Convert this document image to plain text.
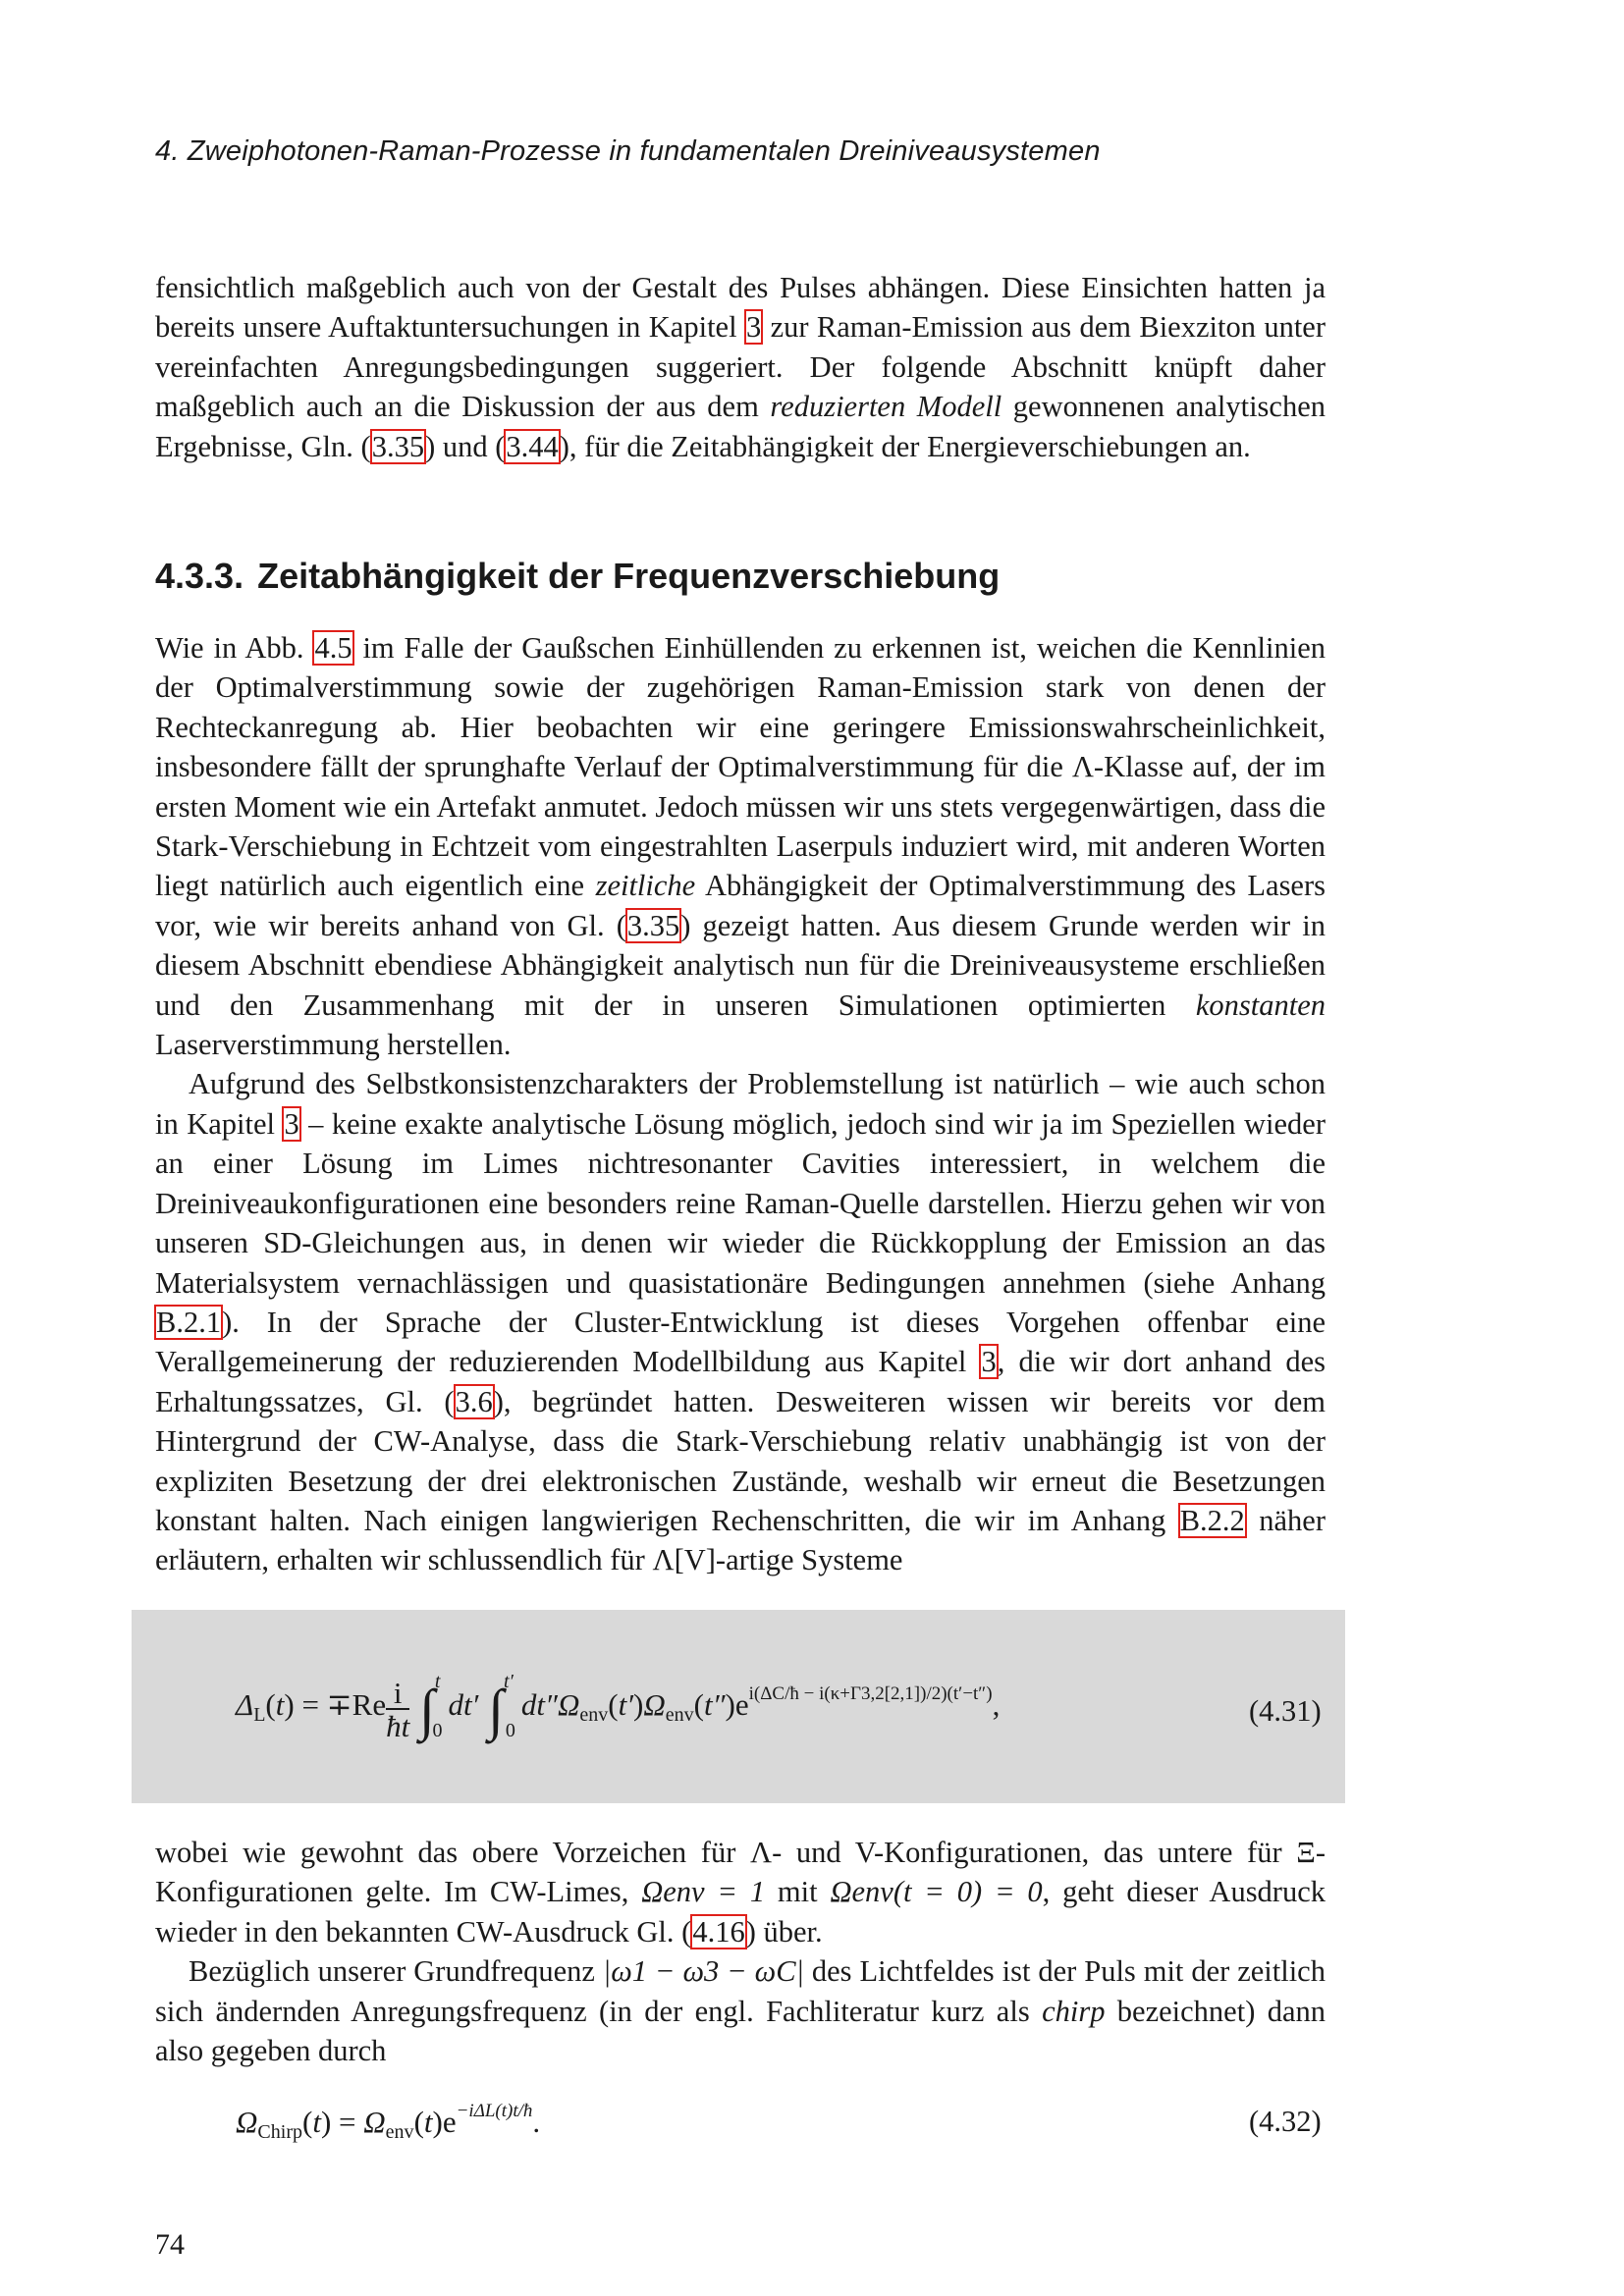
4. Zweiphotonen-Raman-Prozesse in fundamentalen Dreiniveausystemen

fensichtlich maßgeblich auch von der Gestalt des Pulses abhängen. Diese Einsichten hatten ja bereits unsere Auftaktuntersuchungen in Kapitel 3 zur Raman-Emission aus dem Biexziton unter vereinfachten Anregungsbedingungen suggeriert. Der folgende Abschnitt knüpft daher maßgeblich auch an die Diskussion der aus dem reduzierten Modell gewonnenen analytischen Ergebnisse, Gln. (3.35) und (3.44), für die Zeitabhängigkeit der Energieverschiebungen an.

4.3.3. Zeitabhängigkeit der Frequenzverschiebung

Wie in Abb. 4.5 im Falle der Gaußschen Einhüllenden zu erkennen ist, weichen die Kennlinien der Optimalverstimmung sowie der zugehörigen Raman-Emission stark von denen der Rechteckanregung ab. Hier beobachten wir eine geringere Emissionswahrscheinlichkeit, insbesondere fällt der sprunghafte Verlauf der Optimalverstimmung für die Λ-Klasse auf, der im ersten Moment wie ein Artefakt anmutet. Jedoch müssen wir uns stets vergegenwärtigen, dass die Stark-Verschiebung in Echtzeit vom eingestrahlten Laserpuls induziert wird, mit anderen Worten liegt natürlich auch eigentlich eine zeitliche Abhängigkeit der Optimalverstimmung des Lasers vor, wie wir bereits anhand von Gl. (3.35) gezeigt hatten. Aus diesem Grunde werden wir in diesem Abschnitt ebendiese Abhängigkeit analytisch nun für die Dreiniveausysteme erschließen und den Zusammenhang mit der in unseren Simulationen optimierten konstanten Laserverstimmung herstellen.

Aufgrund des Selbstkonsistenzcharakters der Problemstellung ist natürlich – wie auch schon in Kapitel 3 – keine exakte analytische Lösung möglich, jedoch sind wir ja im Speziellen wieder an einer Lösung im Limes nichtresonanter Cavities interessiert, in welchem die Dreiniveaukonfigurationen eine besonders reine Raman-Quelle darstellen. Hierzu gehen wir von unseren SD-Gleichungen aus, in denen wir wieder die Rückkopplung der Emission an das Materialsystem vernachlässigen und quasistationäre Bedingungen annehmen (siehe Anhang B.2.1). In der Sprache der Cluster-Entwicklung ist dieses Vorgehen offenbar eine Verallgemeinerung der reduzierenden Modellbildung aus Kapitel 3, die wir dort anhand des Erhaltungssatzes, Gl. (3.6), begründet hatten. Desweiteren wissen wir bereits vor dem Hintergrund der CW-Analyse, dass die Stark-Verschiebung relativ unabhängig ist von der expliziten Besetzung der drei elektronischen Zustände, weshalb wir erneut die Besetzungen konstant halten. Nach einigen langwierigen Rechenschritten, die wir im Anhang B.2.2 näher erläutern, erhalten wir schlussendlich für Λ[V]-artige Systeme

$\Delta_L(t) = \mp Re \frac{i}{ħt} \int^t_0dt'$ $\int^{t'}_0dt''\Omega_{env}(t')\Omega_{env}(t'')e^{i(\Delta C/ħ - i(\kappa+\Gamma 3,2[2,1])/2)(t'-t'')}$,	(4.31)

wobei wie gewohnt das obere Vorzeichen für Λ- und V-Konfigurationen, das untere für Ξ-Konfigurationen gelte. Im CW-Limes, Ωenv = 1 mit Ωenv(t = 0) = 0, geht dieser Ausdruck wieder in den bekannten CW-Ausdruck Gl. (4.16) über.

Bezüglich unserer Grundfrequenz |ω1 − ω3 − ωC| des Lichtfeldes ist der Puls mit der zeitlich sich ändernden Anregungsfrequenz (in der engl. Fachliteratur kurz als chirp bezeichnet) dann also gegeben durch

$\Omega_{Chirp}(t) = \Omega_{env}(t)e^{-i\Delta L(t)t/ħ}$.	(4.32)
74
